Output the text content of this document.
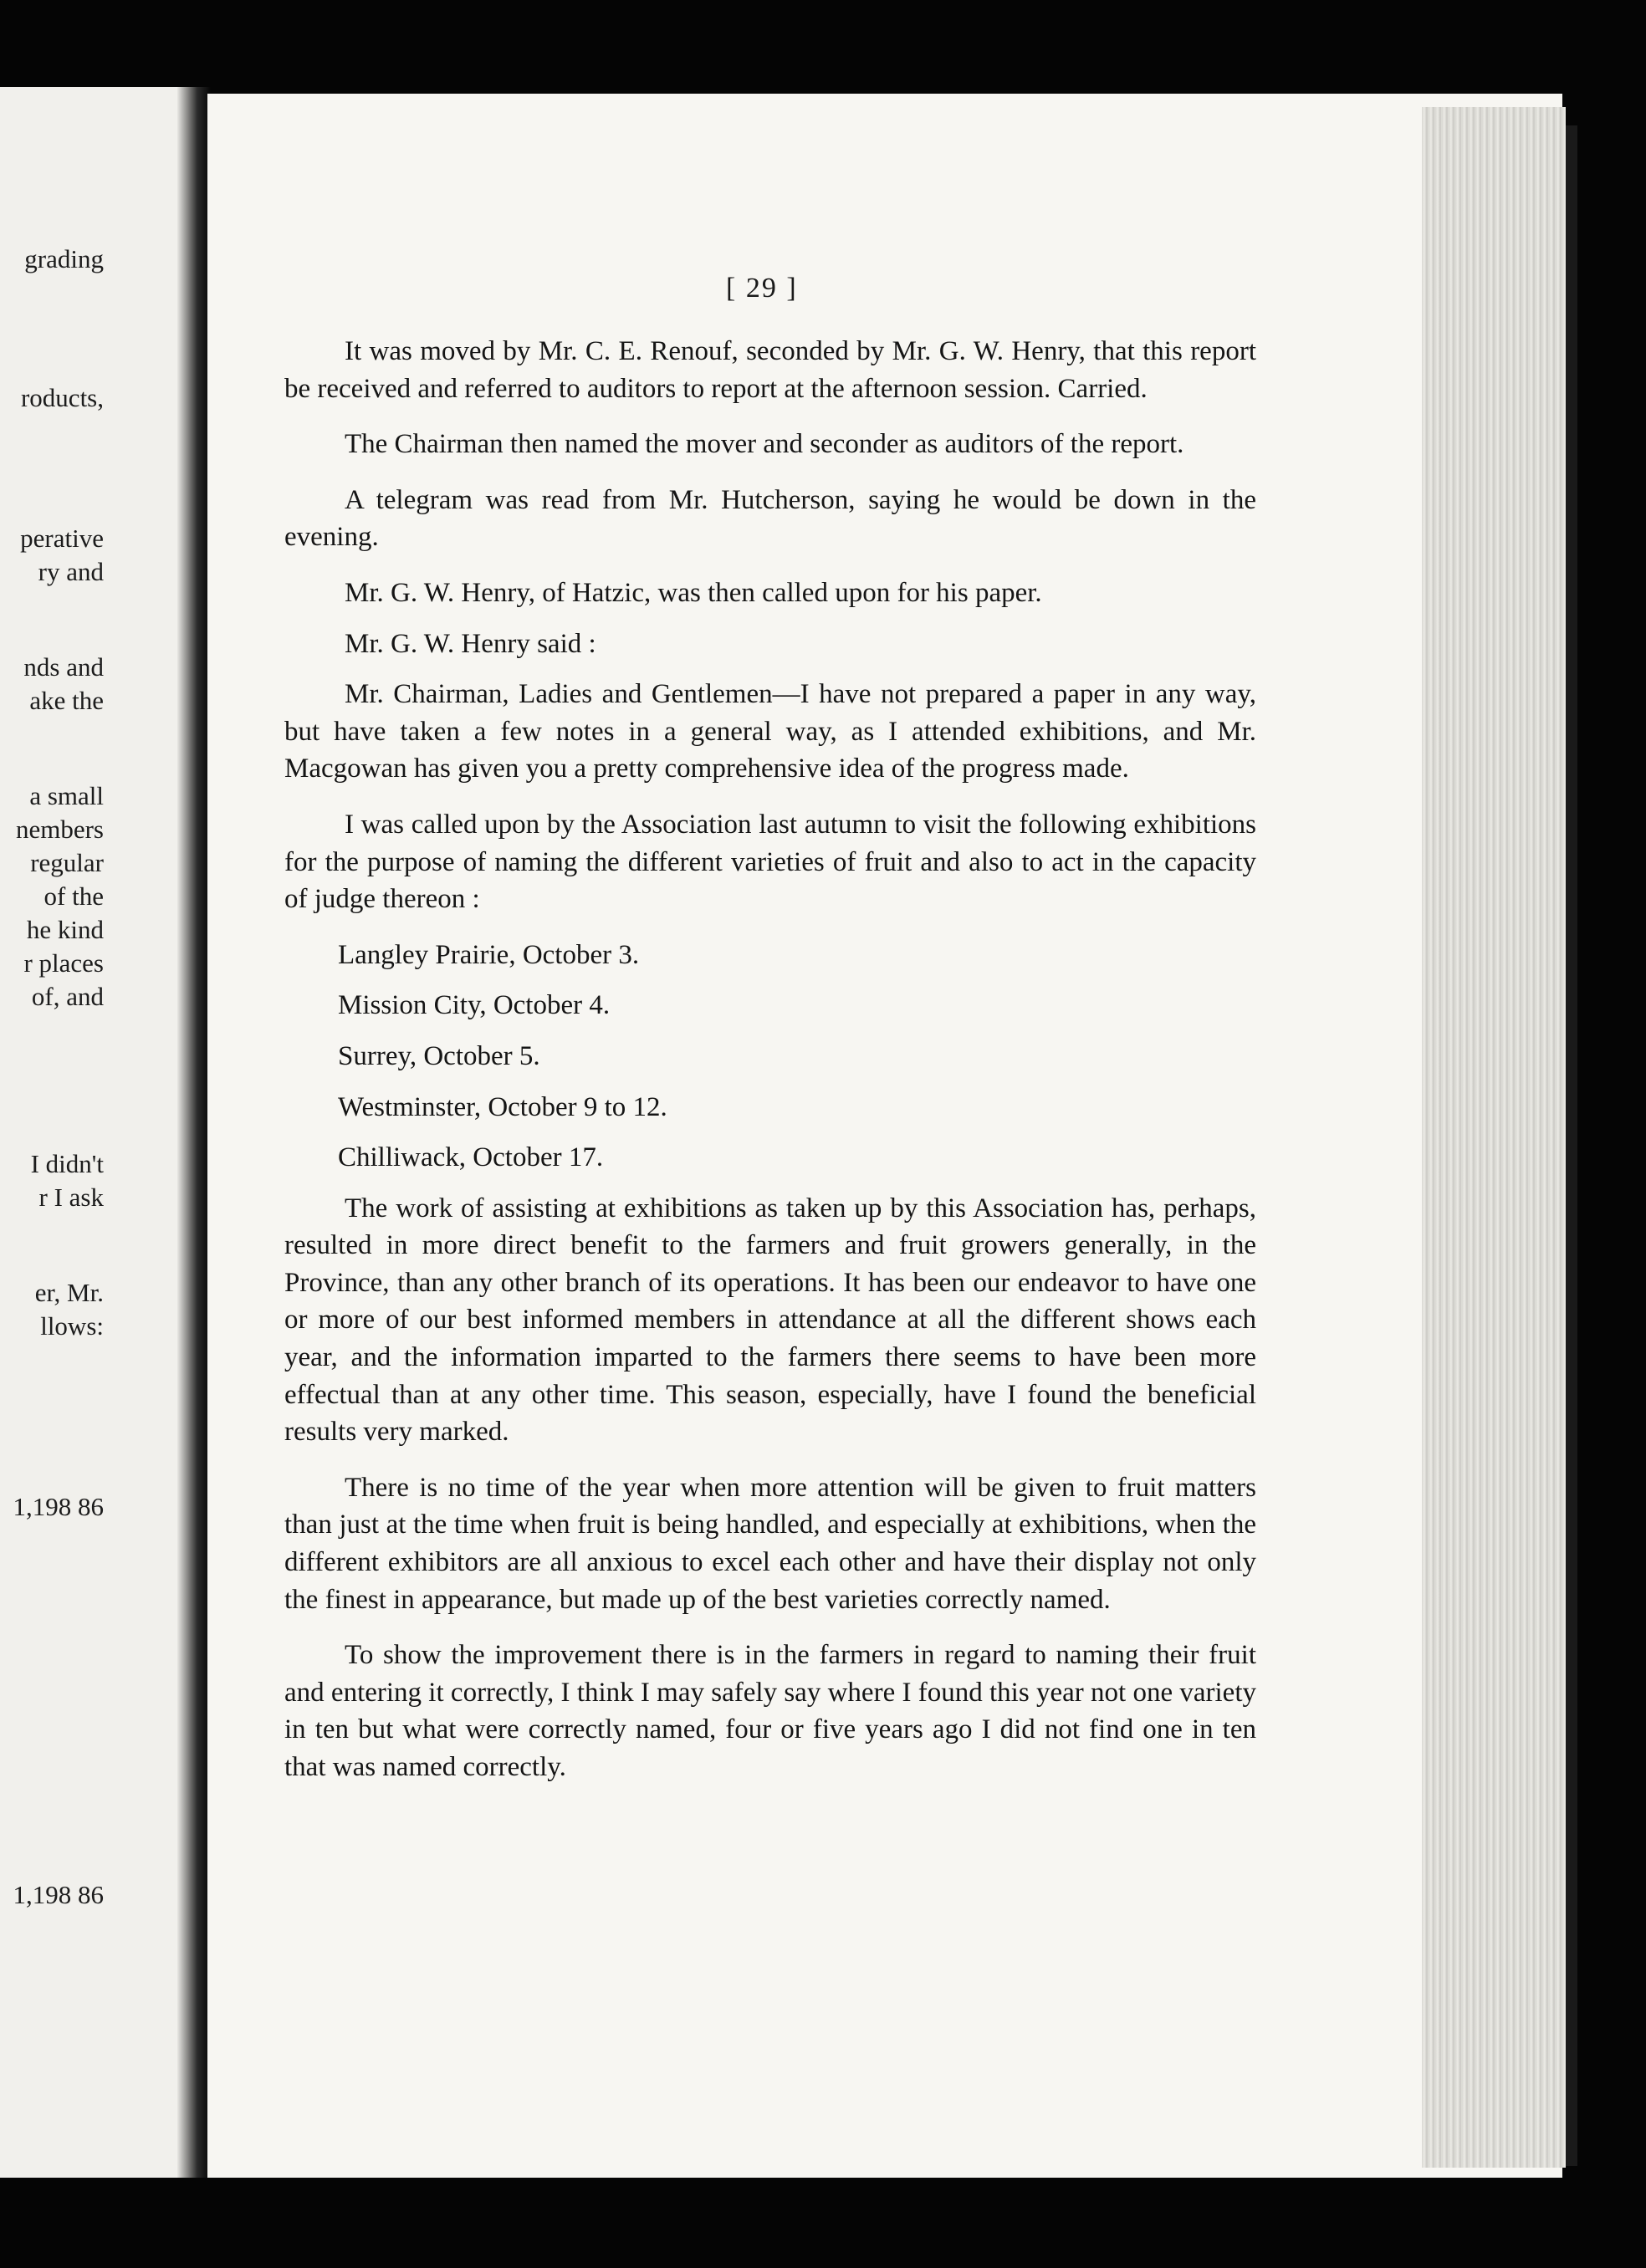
grading
roducts,
perative
ry and
nds and
ake the
a small
nembers
regular
of the
he kind
r places
of, and
I didn't
r I ask
er, Mr.
llows:
1,198 86
1,198 86
[ 29 ]

It was moved by Mr. C. E. Renouf, seconded by Mr. G. W. Henry, that this report be received and referred to auditors to report at the afternoon session. Carried.

The Chairman then named the mover and seconder as auditors of the report.

A telegram was read from Mr. Hutcherson, saying he would be down in the evening.

Mr. G. W. Henry, of Hatzic, was then called upon for his paper.

Mr. G. W. Henry said :

Mr. Chairman, Ladies and Gentlemen—I have not prepared a paper in any way, but have taken a few notes in a general way, as I attended exhibitions, and Mr. Macgowan has given you a pretty comprehensive idea of the progress made.

I was called upon by the Association last autumn to visit the following exhibitions for the purpose of naming the different varieties of fruit and also to act in the capacity of judge thereon :

Langley Prairie, October 3.

Mission City, October 4.

Surrey, October 5.

Westminster, October 9 to 12.

Chilliwack, October 17.

The work of assisting at exhibitions as taken up by this Association has, perhaps, resulted in more direct benefit to the farmers and fruit growers generally, in the Province, than any other branch of its operations. It has been our endeavor to have one or more of our best informed members in attendance at all the different shows each year, and the information imparted to the farmers there seems to have been more effectual than at any other time. This season, especially, have I found the beneficial results very marked.

There is no time of the year when more attention will be given to fruit matters than just at the time when fruit is being handled, and especially at exhibitions, when the different exhibitors are all anxious to excel each other and have their display not only the finest in appearance, but made up of the best varieties correctly named.

To show the improvement there is in the farmers in regard to naming their fruit and entering it correctly, I think I may safely say where I found this year not one variety in ten but what were correctly named, four or five years ago I did not find one in ten that was named correctly.
